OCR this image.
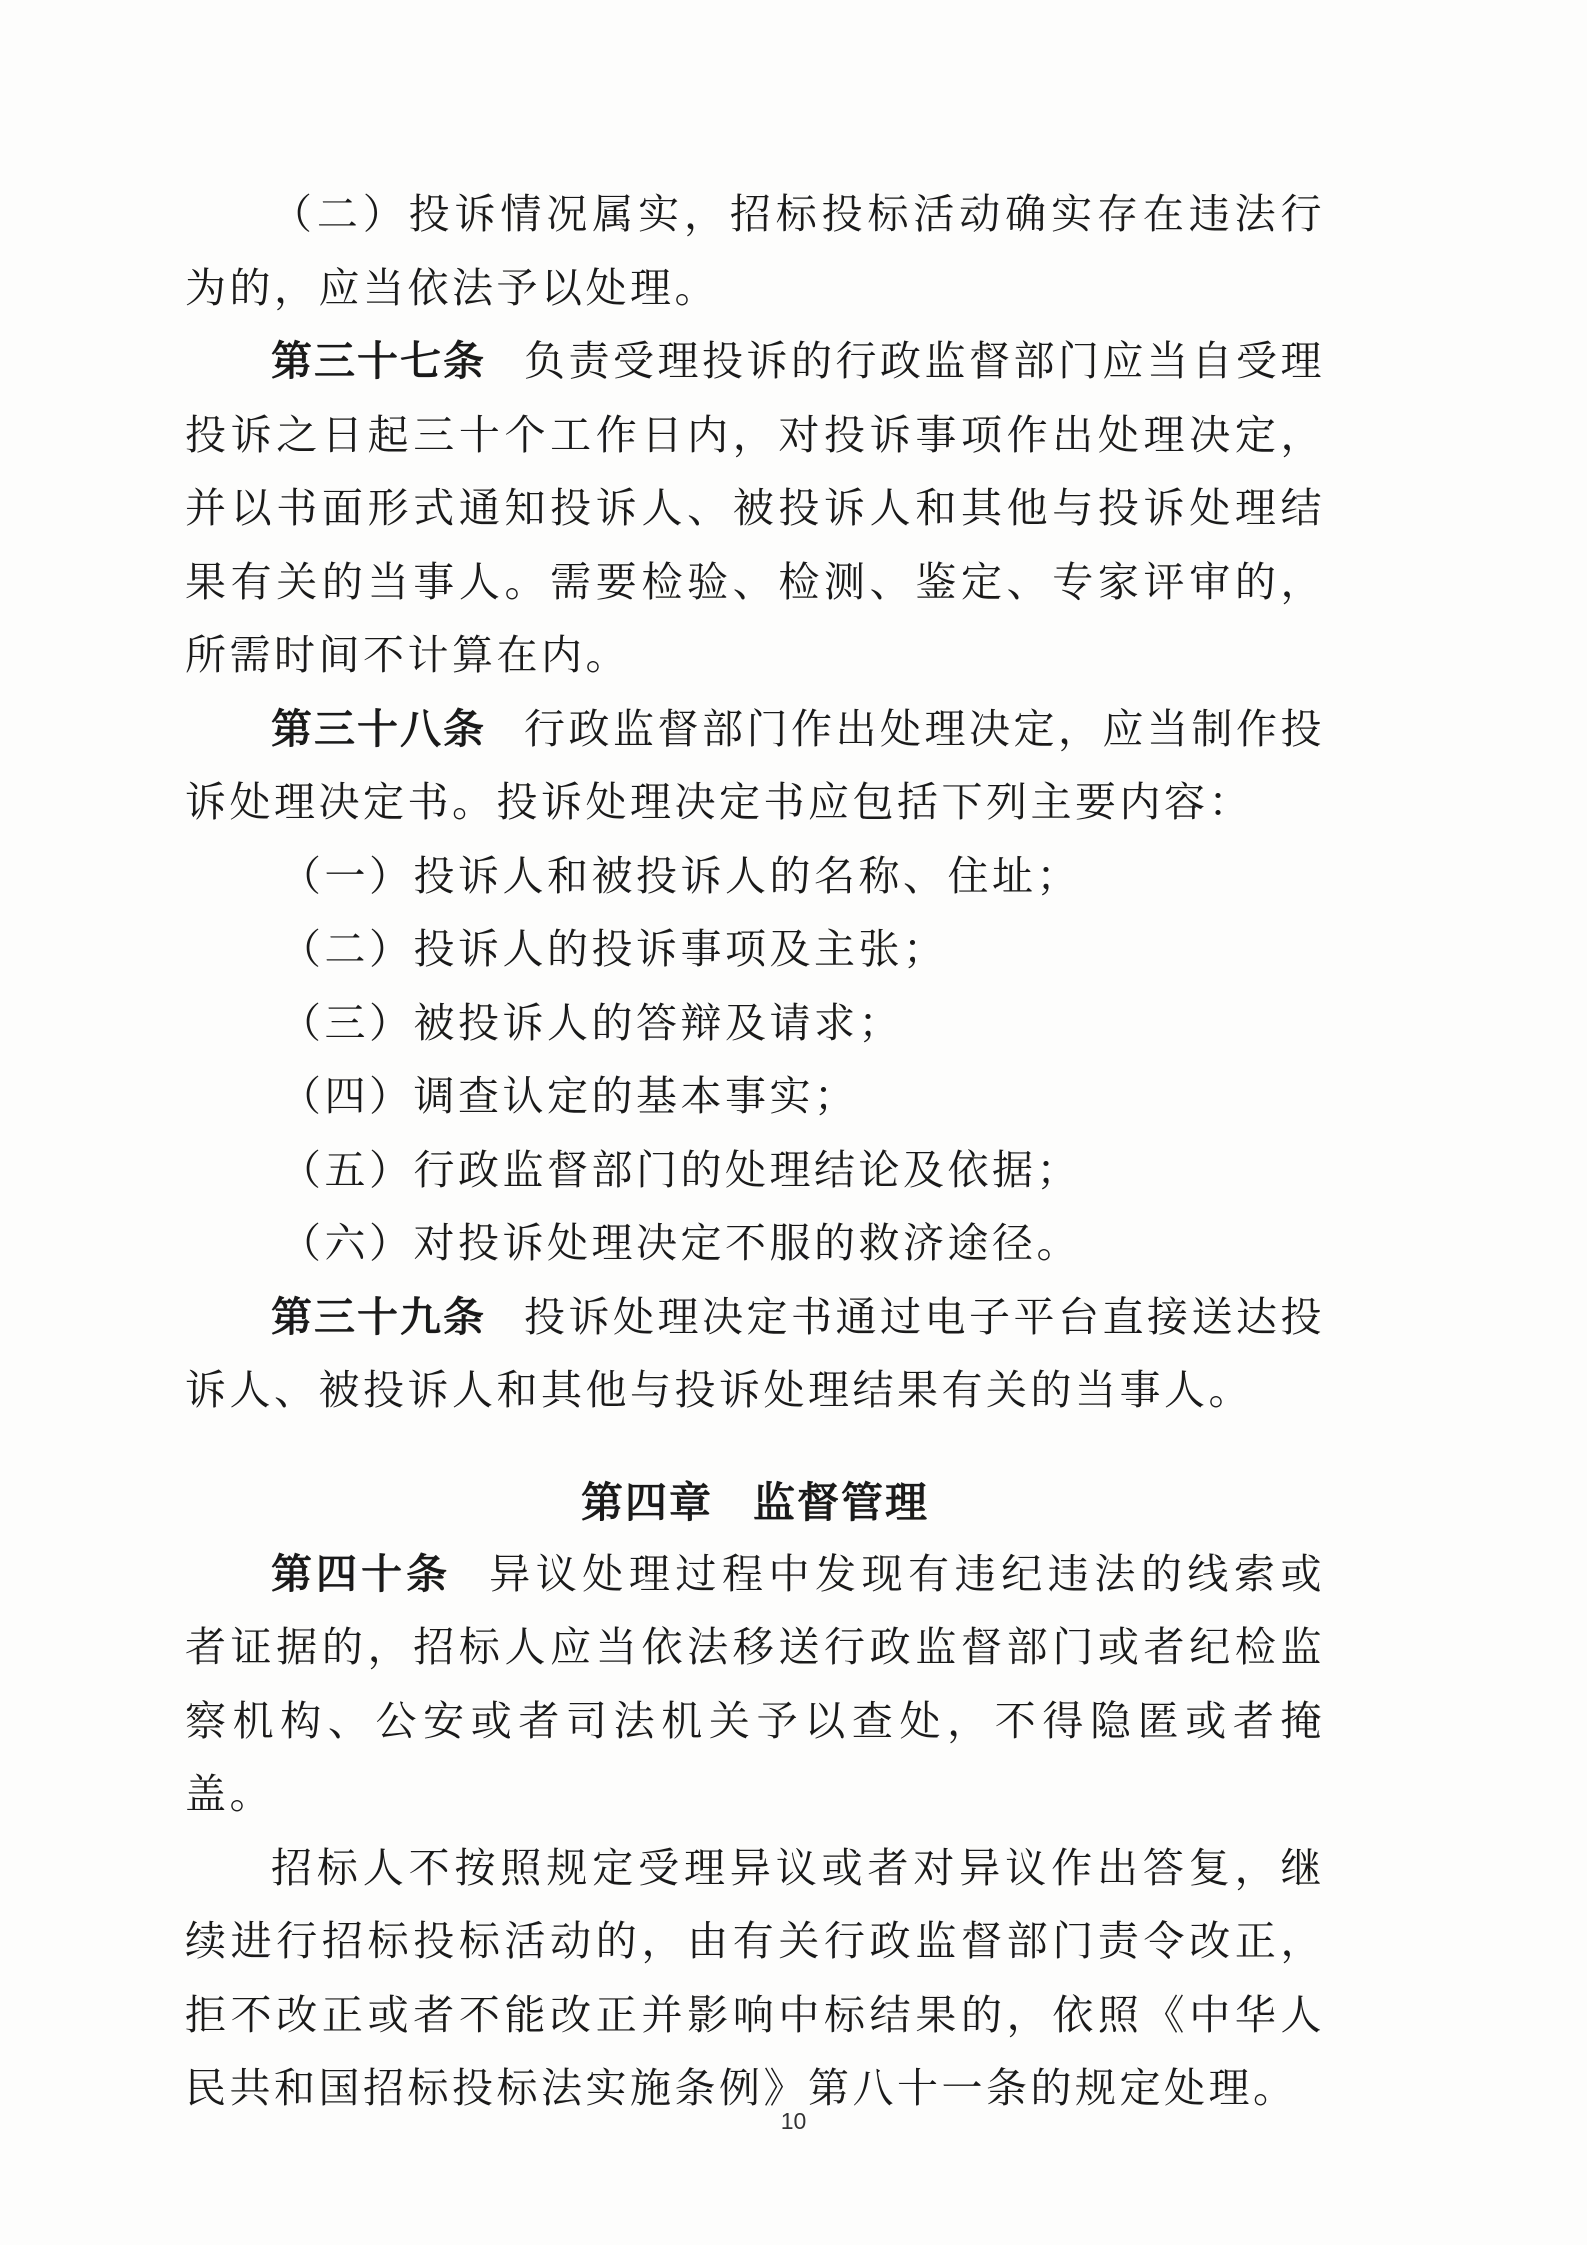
（二）投诉情况属实，招标投标活动确实存在违法行为的，应当依法予以处理。

第三十七条 负责受理投诉的行政监督部门应当自受理投诉之日起三十个工作日内，对投诉事项作出处理决定，并以书面形式通知投诉人、被投诉人和其他与投诉处理结果有关的当事人。需要检验、检测、鉴定、专家评审的，所需时间不计算在内。

第三十八条 行政监督部门作出处理决定，应当制作投诉处理决定书。投诉处理决定书应包括下列主要内容：

（一）投诉人和被投诉人的名称、住址；

（二）投诉人的投诉事项及主张；

（三）被投诉人的答辩及请求；

（四）调查认定的基本事实；

（五）行政监督部门的处理结论及依据；

（六）对投诉处理决定不服的救济途径。

第三十九条 投诉处理决定书通过电子平台直接送达投诉人、被投诉人和其他与投诉处理结果有关的当事人。

第四章 监督管理

第四十条 异议处理过程中发现有违纪违法的线索或者证据的，招标人应当依法移送行政监督部门或者纪检监察机构、公安或者司法机关予以查处，不得隐匿或者掩盖。

招标人不按照规定受理异议或者对异议作出答复，继续进行招标投标活动的，由有关行政监督部门责令改正，拒不改正或者不能改正并影响中标结果的，依照《中华人民共和国招标投标法实施条例》第八十一条的规定处理。

10
